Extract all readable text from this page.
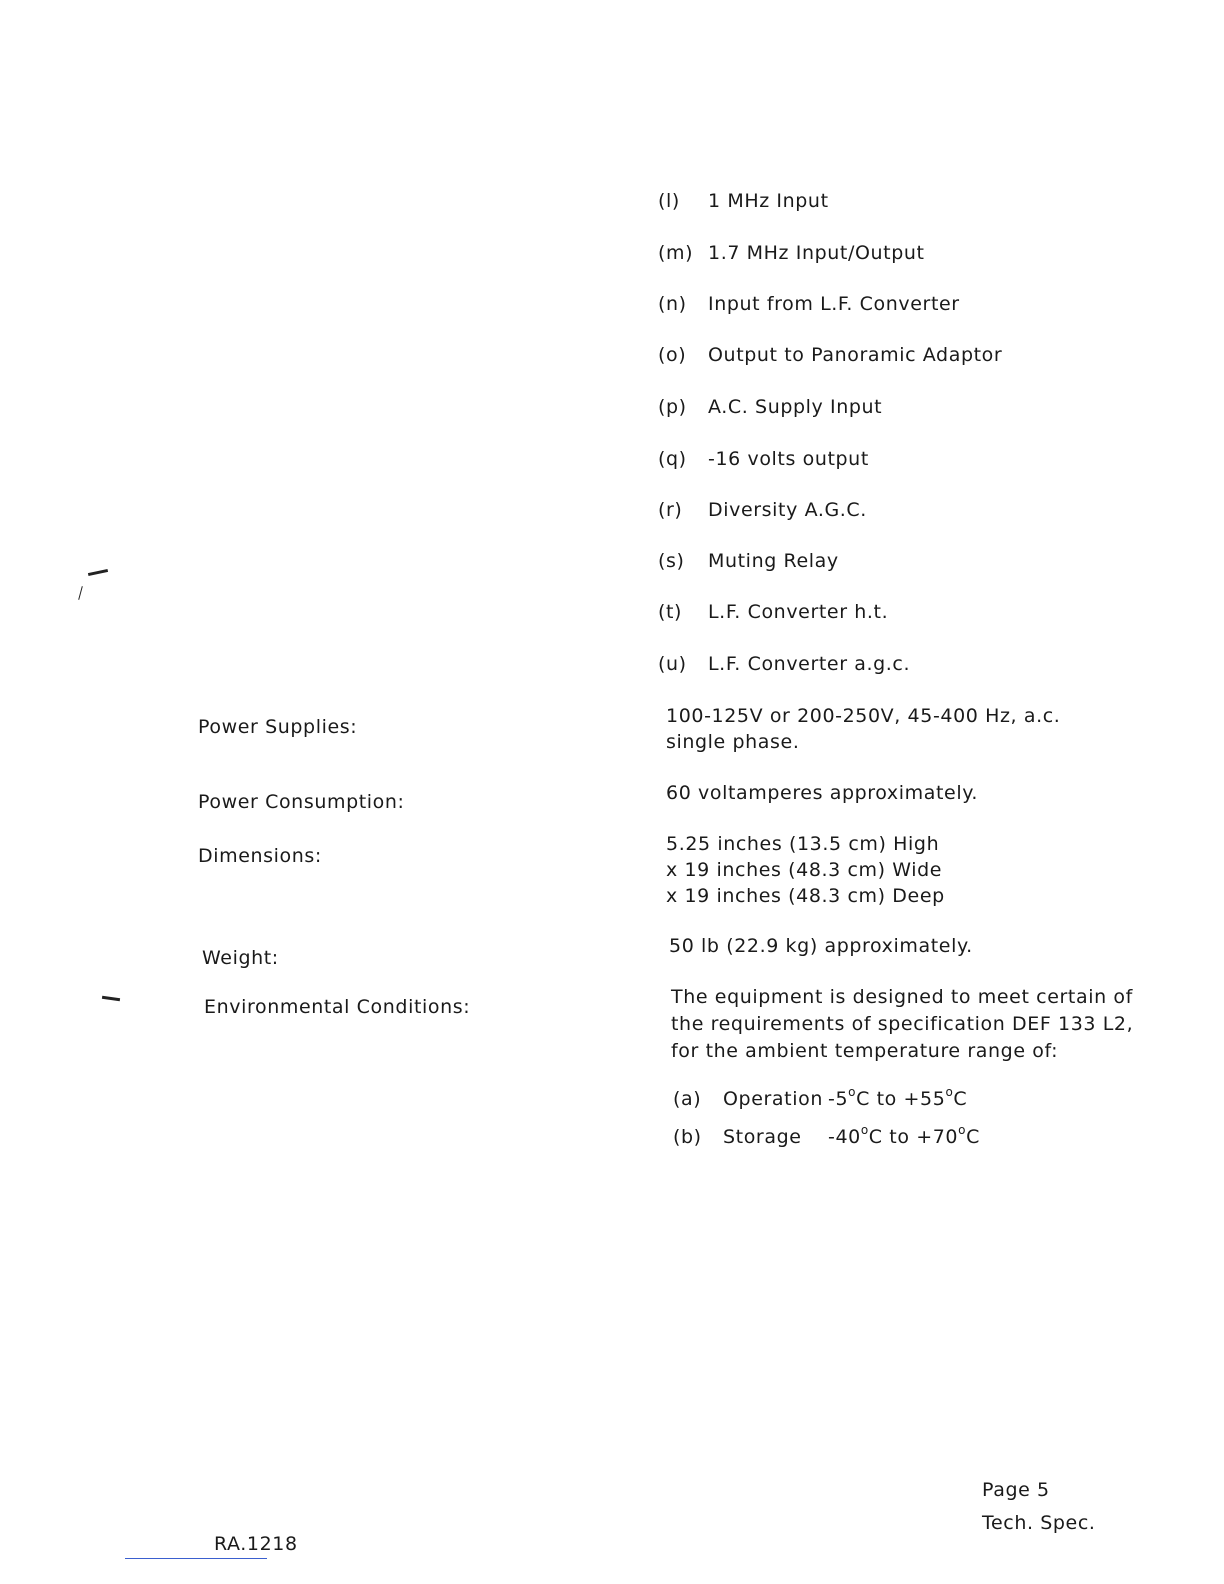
(l) 1 MHz Input
(m) 1.7 MHz Input/Output
(n) Input from L.F. Converter
(o) Output to Panoramic Adaptor
(p) A.C. Supply Input
(q) -16 volts output
(r) Diversity A.G.C.
(s) Muting Relay
(t) L.F. Converter h.t.
(u) L.F. Converter a.g.c.
Power Supplies:
Power Consumption:
Dimensions:
Weight:
Environmental Conditions:
100-125V or 200-250V, 45-400 Hz, a.c.
single phase.
60 voltamperes approximately.
5.25 inches (13.5 cm) High
x 19 inches (48.3 cm) Wide
x 19 inches (48.3 cm) Deep
50 lb (22.9 kg) approximately.
The equipment is designed to meet certain of
the requirements of specification DEF 133 L2,
for the ambient temperature range of:
(a) Operation -5$^o$C to $+55^oC$
(b) Storage -40$^o$C to $+70^oC$
Page 5
Tech. Spec.
RA.1218
